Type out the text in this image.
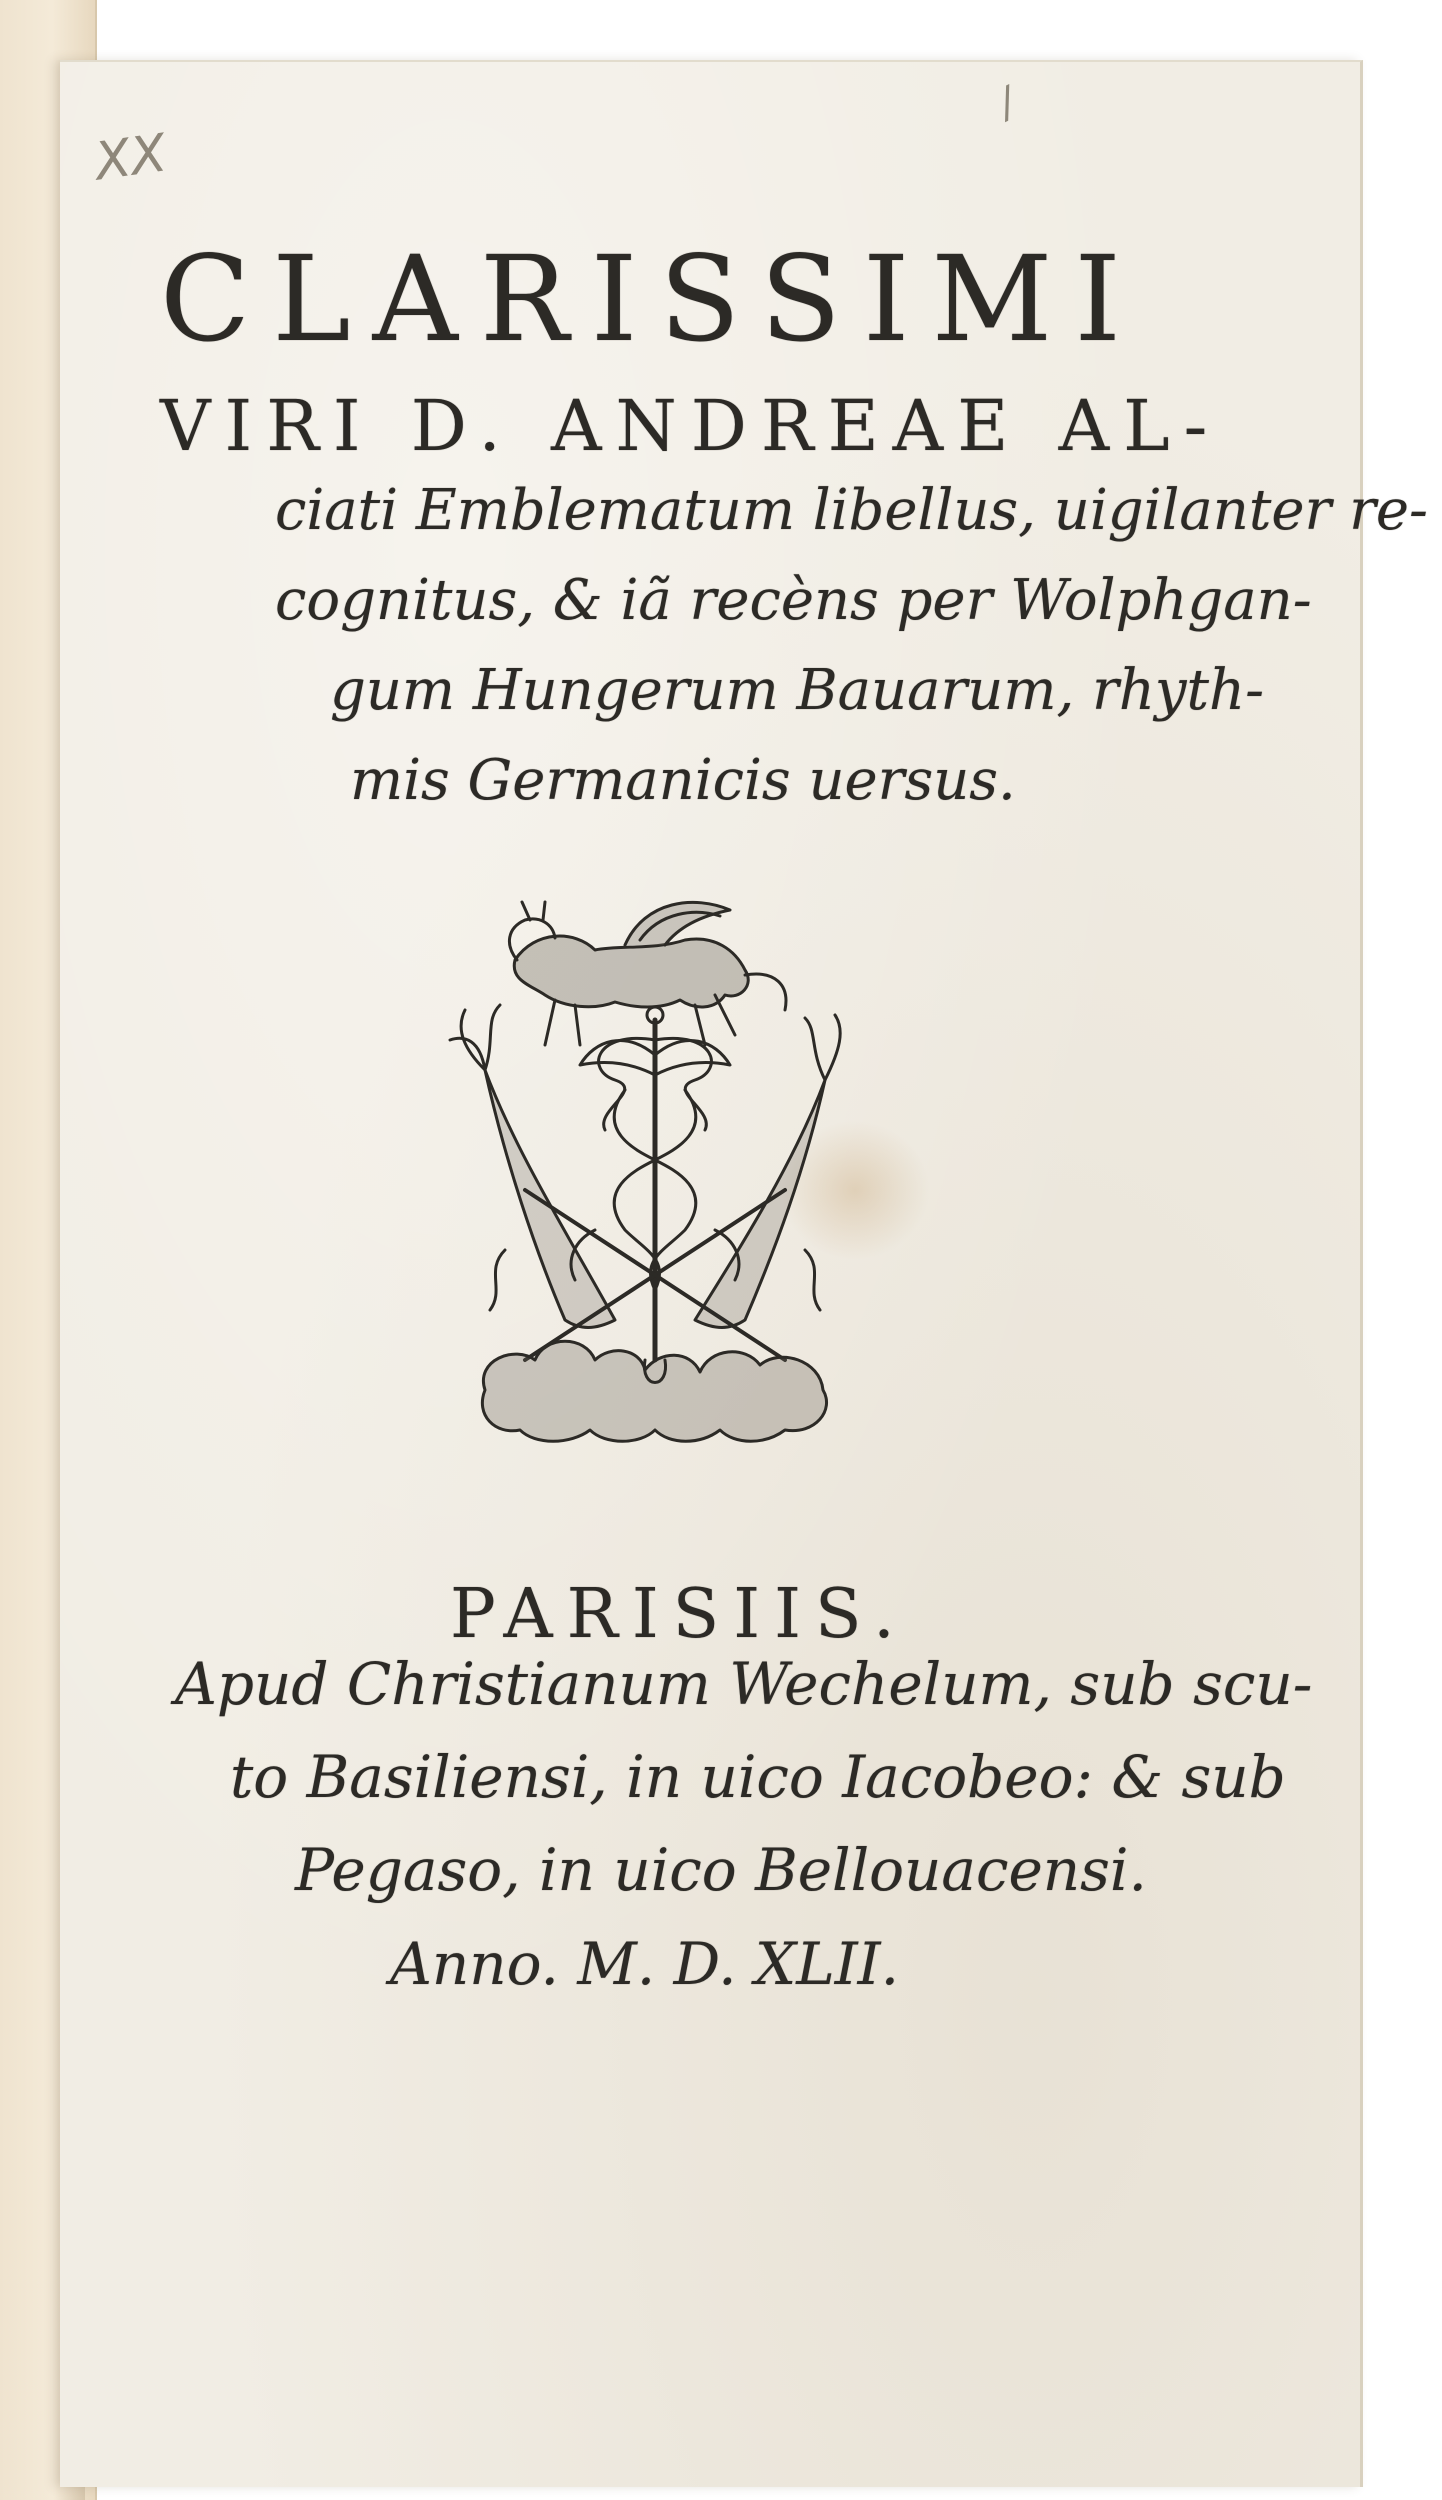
XX
/
CLARISSIMI
VIRI D. ANDREAE AL-
ciati Emblematum libellus, uigilanter re-
cognitus, & iã recèns per Wolphgan-
gum Hungerum Bauarum, rhyth-
mis Germanicis uersus.
PARISIIS.
Apud Christianum Wechelum, sub scu-
to Basiliensi, in uico Iacobeo: & sub
Pegaso, in uico Bellouacensi.
Anno. M. D. XLII.
